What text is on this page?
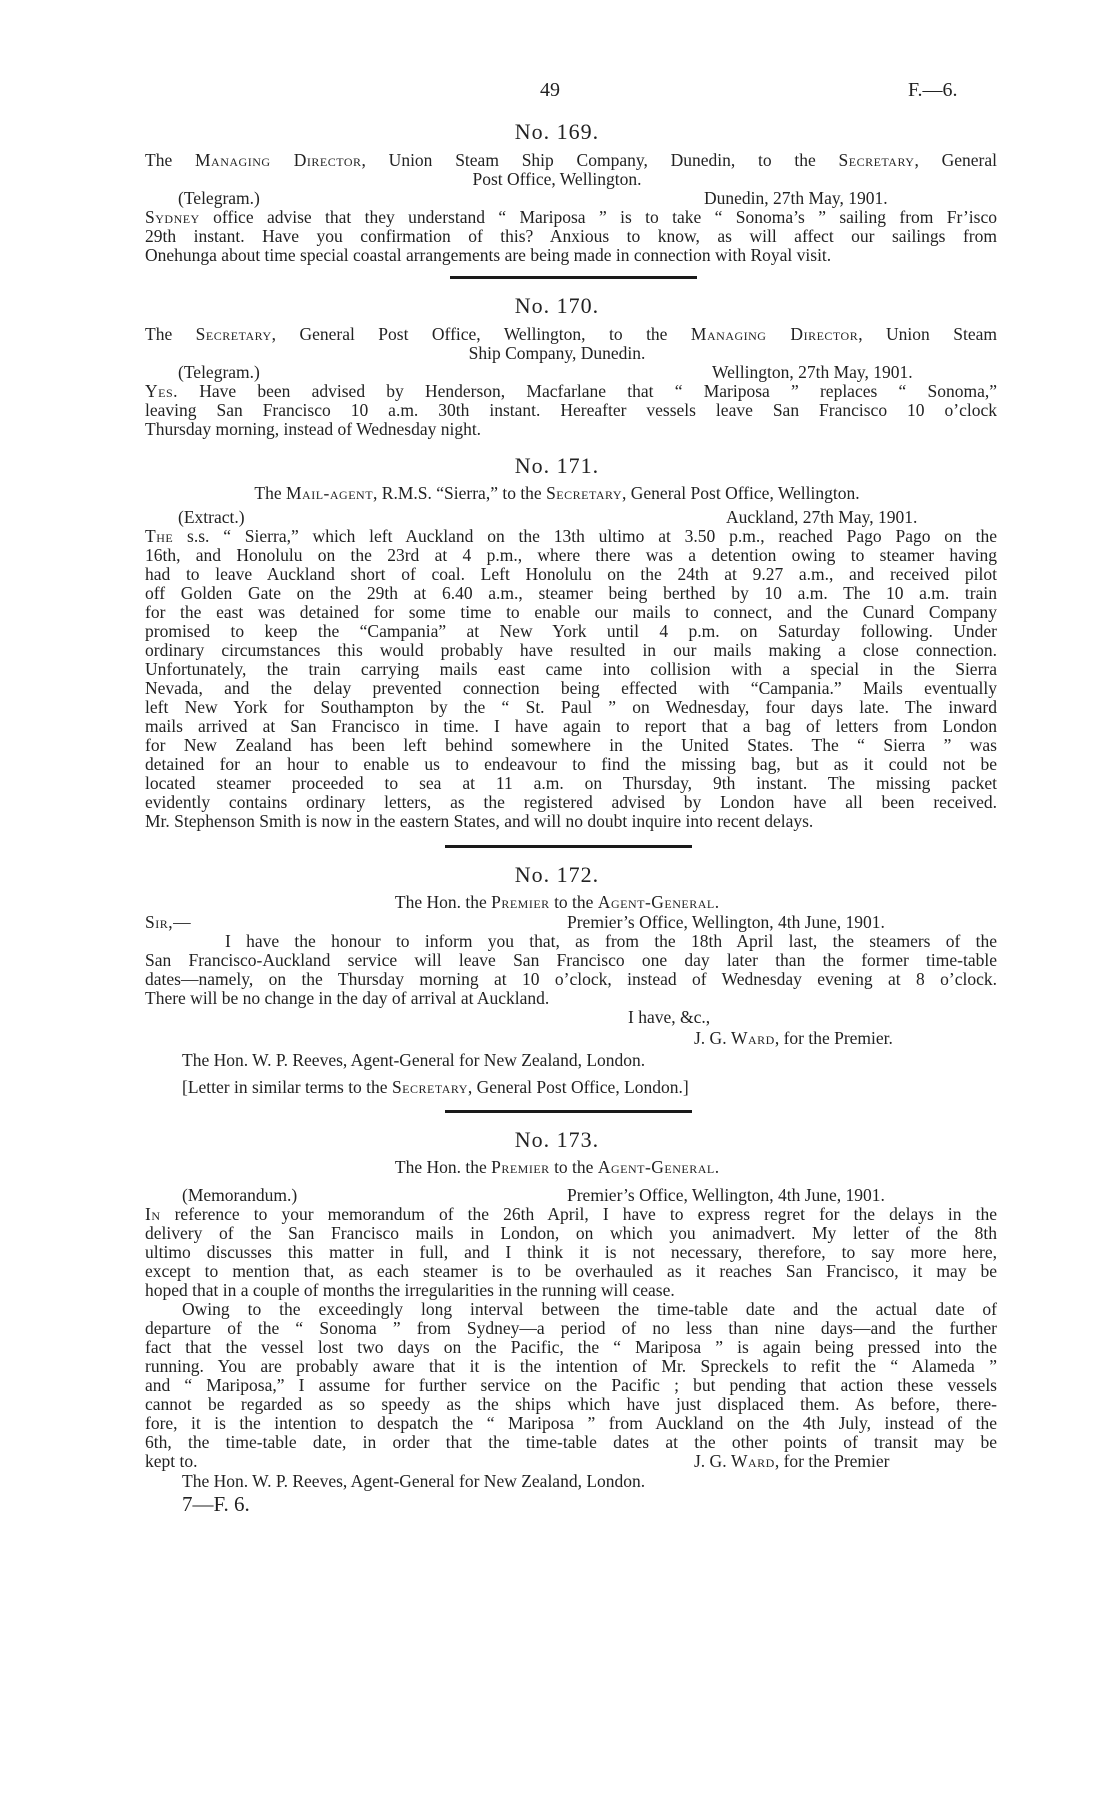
49	F.—6.
No. 169.
The Managing Director, Union Steam Ship Company, Dunedin, to the Secretary, General
Post Office, Wellington.
(Telegram.)	Dunedin, 27th May, 1901.
Sydney office advise that they understand “ Mariposa ” is to take “ Sonoma’s ” sailing from Fr’isco
29th instant. Have you confirmation of this? Anxious to know, as will affect our sailings from
Onehunga about time special coastal arrangements are being made in connection with Royal visit.
No. 170.
The Secretary, General Post Office, Wellington, to the Managing Director, Union Steam
Ship Company, Dunedin.
(Telegram.)	Wellington, 27th May, 1901.
Yes. Have been advised by Henderson, Macfarlane that “ Mariposa ” replaces “ Sonoma,”
leaving San Francisco 10 a.m. 30th instant. Hereafter vessels leave San Francisco 10 o’clock
Thursday morning, instead of Wednesday night.
No. 171.
The Mail-agent, R.M.S. “Sierra,” to the Secretary, General Post Office, Wellington.
(Extract.)	Auckland, 27th May, 1901.
The s.s. “ Sierra,” which left Auckland on the 13th ultimo at 3.50 p.m., reached Pago Pago on the
16th, and Honolulu on the 23rd at 4 p.m., where there was a detention owing to steamer having
had to leave Auckland short of coal. Left Honolulu on the 24th at 9.27 a.m., and received pilot
off Golden Gate on the 29th at 6.40 a.m., steamer being berthed by 10 a.m. The 10 a.m. train
for the east was detained for some time to enable our mails to connect, and the Cunard Company
promised to keep the “Campania” at New York until 4 p.m. on Saturday following. Under
ordinary circumstances this would probably have resulted in our mails making a close connection.
Unfortunately, the train carrying mails east came into collision with a special in the Sierra
Nevada, and the delay prevented connection being effected with “Campania.” Mails eventually
left New York for Southampton by the “ St. Paul ” on Wednesday, four days late. The inward
mails arrived at San Francisco in time. I have again to report that a bag of letters from London
for New Zealand has been left behind somewhere in the United States. The “ Sierra ” was
detained for an hour to enable us to endeavour to find the missing bag, but as it could not be
located steamer proceeded to sea at 11 a.m. on Thursday, 9th instant. The missing packet
evidently contains ordinary letters, as the registered advised by London have all been received.
Mr. Stephenson Smith is now in the eastern States, and will no doubt inquire into recent delays.
No. 172.
The Hon. the Premier to the Agent-General.
Sir,—	Premier’s Office, Wellington, 4th June, 1901.
I have the honour to inform you that, as from the 18th April last, the steamers of the
San Francisco-Auckland service will leave San Francisco one day later than the former time-table
dates—namely, on the Thursday morning at 10 o’clock, instead of Wednesday evening at 8 o’clock.
There will be no change in the day of arrival at Auckland.
I have, &c.,
J. G. Ward, for the Premier.
The Hon. W. P. Reeves, Agent-General for New Zealand, London.
[Letter in similar terms to the Secretary, General Post Office, London.]
No. 173.
The Hon. the Premier to the Agent-General.
(Memorandum.)	Premier’s Office, Wellington, 4th June, 1901.
In reference to your memorandum of the 26th April, I have to express regret for the delays in the
delivery of the San Francisco mails in London, on which you animadvert. My letter of the 8th
ultimo discusses this matter in full, and I think it is not necessary, therefore, to say more here,
except to mention that, as each steamer is to be overhauled as it reaches San Francisco, it may be
hoped that in a couple of months the irregularities in the running will cease.
Owing to the exceedingly long interval between the time-table date and the actual date of
departure of the “ Sonoma ” from Sydney—a period of no less than nine days—and the further
fact that the vessel lost two days on the Pacific, the “ Mariposa ” is again being pressed into the
running. You are probably aware that it is the intention of Mr. Spreckels to refit the “ Alameda ”
and “ Mariposa,” I assume for further service on the Pacific ; but pending that action these vessels
cannot be regarded as so speedy as the ships which have just displaced them. As before, there-
fore, it is the intention to despatch the “ Mariposa ” from Auckland on the 4th July, instead of the
6th, the time-table date, in order that the time-table dates at the other points of transit may be
kept to.	J. G. Ward, for the Premier
The Hon. W. P. Reeves, Agent-General for New Zealand, London.
7—F. 6.
